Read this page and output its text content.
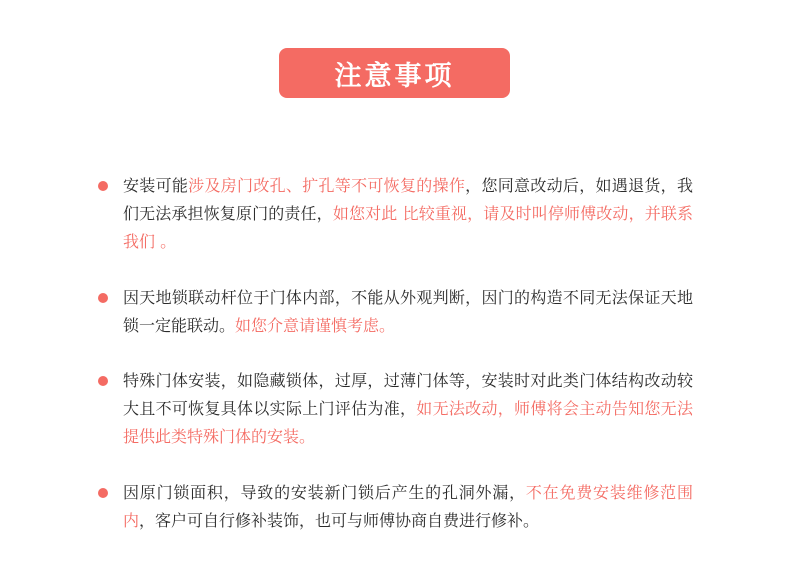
注意事项
安装可能涉及房门改孔、扩孔等不可恢复的操作，您同意改动后，如遇退货，我们无法承担恢复原门的责任，如您对此 比较重视，请及时叫停师傅改动，并联系我们 。
因天地锁联动杆位于门体内部，不能从外观判断，因门的构造不同无法保证天地锁一定能联动。如您介意请谨慎考虑。
特殊门体安装，如隐藏锁体，过厚，过薄门体等，安装时对此类门体结构改动较大且不可恢复具体以实际上门评估为准，如无法改动，师傅将会主动告知您无法提供此类特殊门体的安装。
因原门锁面积，导致的安装新门锁后产生的孔洞外漏，不在免费安装维修范围内，客户可自行修补装饰，也可与师傅协商自费进行修补。
